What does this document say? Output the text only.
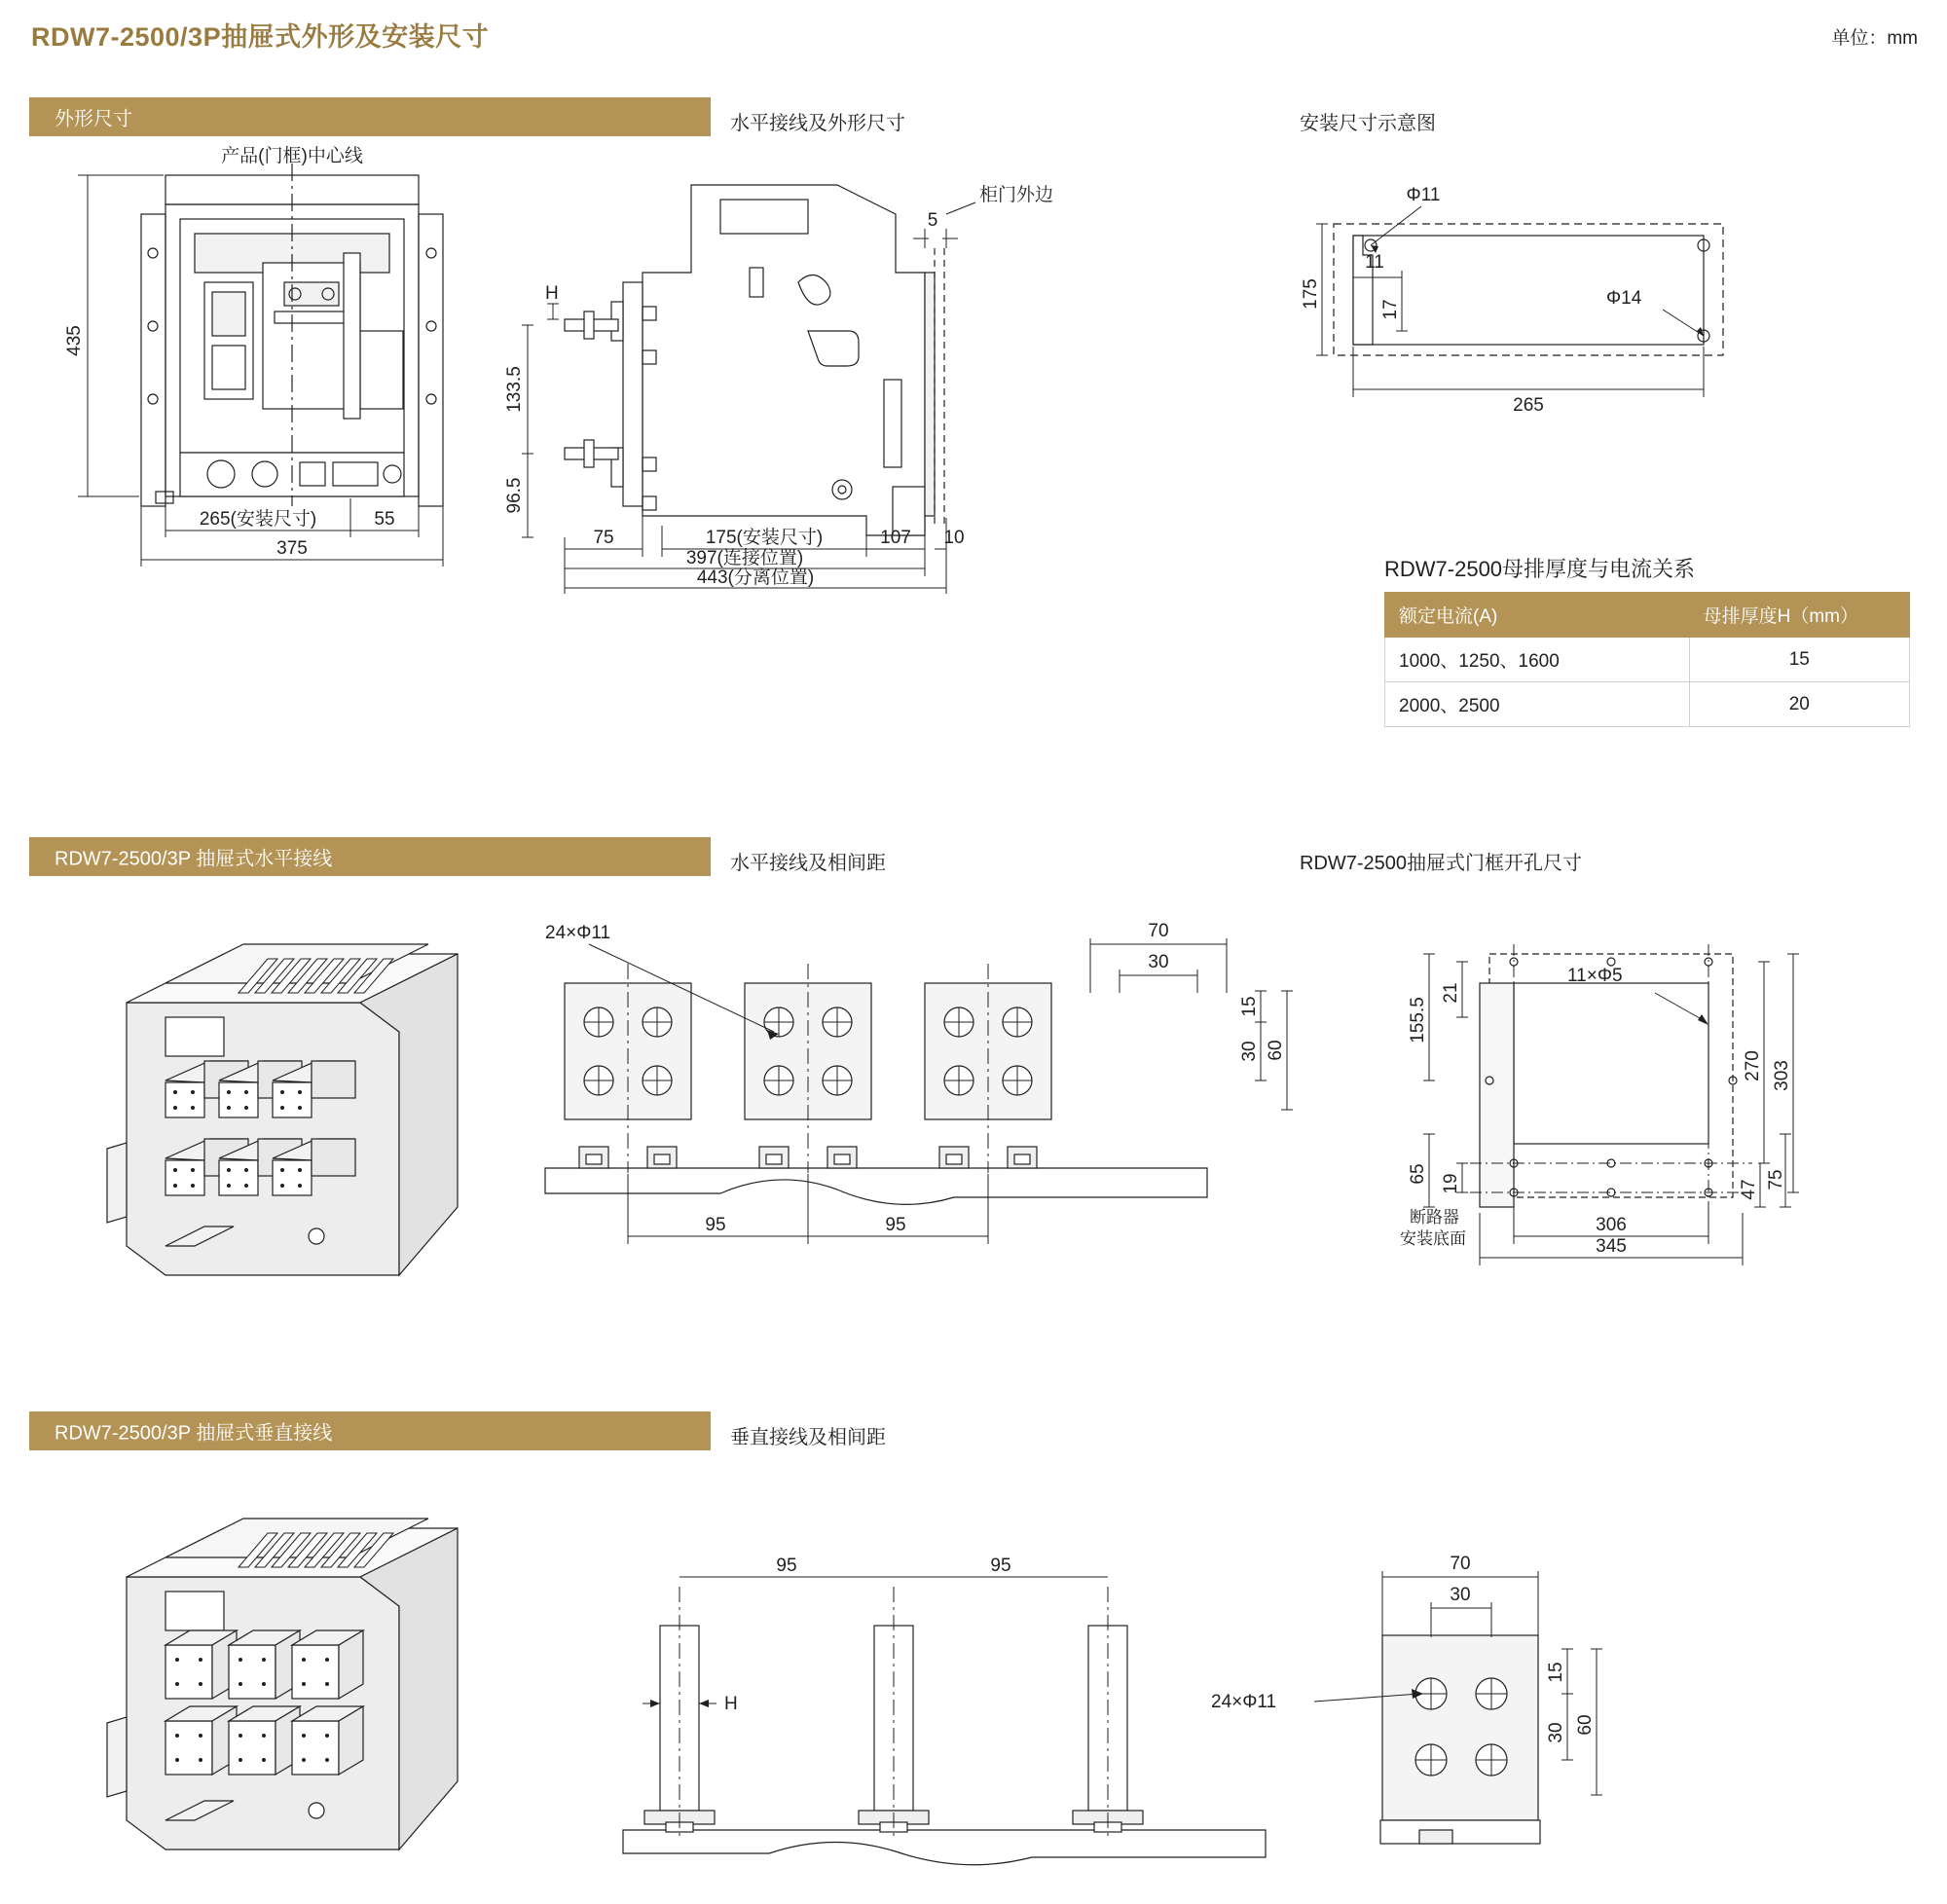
RDW7-2500/3P抽屉式外形及安装尺寸	单位：mm
外形尺寸	水平接线及外形尺寸	安装尺寸示意图
435
265(安装尺寸)	55
375
产品(门框)中心线
H
133.5
96.5
75	175(安装尺寸)	107 10
397(连接位置)
443(分离位置)
5
柜门外边
175
265
11
17
Φ11
Φ14
RDW7-2500母排厚度与电流关系
额定电流(A)	母排厚度H（mm）
1000、1250、1600	15
2000、2500	20
RDW7-2500/3P 抽屉式水平接线	水平接线及相间距	RDW7-2500抽屉式门框开孔尺寸
24×Φ11
95	95
70
30
15
30 60
155.5
21
65 19
270 303
47 75
306
345
11×Φ5
断路器
安装底面
RDW7-2500/3P 抽屉式垂直接线	垂直接线及相间距
95	95
H
70
30
15
30 60
24×Φ11
